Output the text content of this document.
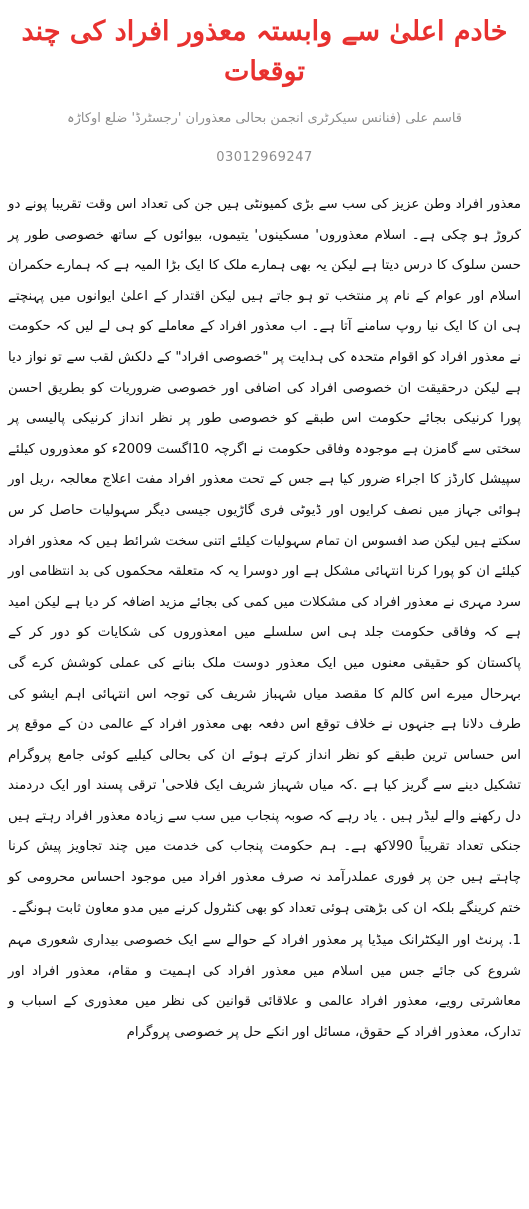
خادم اعلیٰ سے وابستہ معذور افراد کی چند توقعات
قاسم علی (فنانس سیکرٹری انجمن بحالی معذوران 'رجسٹرڈ' ضلع اوکاڑہ
03012969247

معذور افراد وطن عزیز کی سب سے بڑی کمیونٹی ہیں جن کی تعداد اس وقت تقریبا پونے دو کروڑ ہو چکی ہے۔ اسلام معذوروں' مسکینوں' یتیموں، بیوائوں کے ساتھ خصوصی طور پر حسن سلوک کا درس دیتا ہے لیکن یہ بھی ہمارے ملک کا ایک بڑا المیہ ہے کہ ہمارے حکمران اسلام اور عوام کے نام پر منتخب تو ہو جاتے ہیں لیکن اقتدار کے اعلیٰ ایوانوں میں پہنچتے ہی ان کا ایک نیا روپ سامنے آتا ہے۔ اب معذور افراد کے معاملے کو ہی لے لیں کہ حکومت نے معذور افراد کو اقوام متحدہ کی ہدایت پر "خصوصی افراد" کے دلکش لقب سے تو نواز دیا ہے لیکن درحقیقت ان خصوصی افراد کی اضافی اور خصوصی ضروریات کو بطریق احسن پورا کرنیکی بجائے حکومت اس طبقے کو خصوصی طور پر نظر انداز کرنیکی پالیسی پر سختی سے گامزن ہے موجودہ وفاقی حکومت نے اگرچہ 10اگست 2009ء کو معذوروں کیلئے سپیشل کارڈز کا اجراء ضرور کیا ہے جس کے تحت معذور افراد مفت اعلاج معالجہ ،ریل اور ہوائی جہاز میں نصف کرایوں اور ڈیوٹی فری گاڑیوں جیسی دیگر سہولیات حاصل کر س سکتے ہیں لیکن صد افسوس ان تمام سہولیات کیلئے اتنی سخت شرائط ہیں کہ معذور افراد کیلئے ان کو پورا کرنا انتہائی مشکل ہے اور دوسرا یہ کہ متعلقہ محکموں کی بد انتظامی اور سرد مہری نے معذور افراد کی مشکلات میں کمی کی بجائے مزید اضافہ کر دیا ہے لیکن امید ہے کہ وفاقی حکومت جلد ہی اس سلسلے میں امعذوروں کی شکایات کو دور کر کے پاکستان کو حقیقی معنوں میں ایک معذور دوست ملک بنانے کی عملی کوشش کرے گی بہرحال میرے اس کالم کا مقصد میاں شہباز شریف کی توجہ اس انتہائی اہم ایشو کی طرف دلانا ہے جنہوں نے خلاف توقع اس دفعہ بھی معذور افراد کے عالمی دن کے موقع پر اس حساس ترین طبقے کو نظر انداز کرتے ہوئے ان کی بحالی کیلیے کوئی جامع پروگرام تشکیل دینے سے گریز کیا ہے .کہ میاں شہباز شریف ایک فلاحی' ترقی پسند اور ایک دردمند دل رکھنے والے لیڈر ہیں . یاد رہے کہ صوبہ پنجاب میں سب سے زیادہ معذور افراد رہتے ہیں جنکی تعداد تقریباً 90لاکھ ہے۔ ہم حکومت پنجاب کی خدمت میں چند تجاویز پیش کرنا چاہتے ہیں جن پر فوری عملدرآمد نہ صرف معذور افراد میں موجود احساس محرومی کو ختم کرینگے بلکہ ان کی بڑھتی ہوئی تعداد کو بھی کنٹرول کرنے میں مدو معاون ثابت ہونگے۔

1. پرنٹ اور الیکٹرانک میڈیا پر معذور افراد کے حوالے سے ایک خصوصی بیداری شعوری مہم شروع کی جائے جس میں اسلام میں معذور افراد کی اہمیت و مقام، معذور افراد اور معاشرتی رویے، معذور افراد عالمی و علاقائی قوانین کی نظر میں معذوری کے اسباب و تدارک، معذور افراد کے حقوق، مسائل اور انکے حل پر خصوصی پروگرام
